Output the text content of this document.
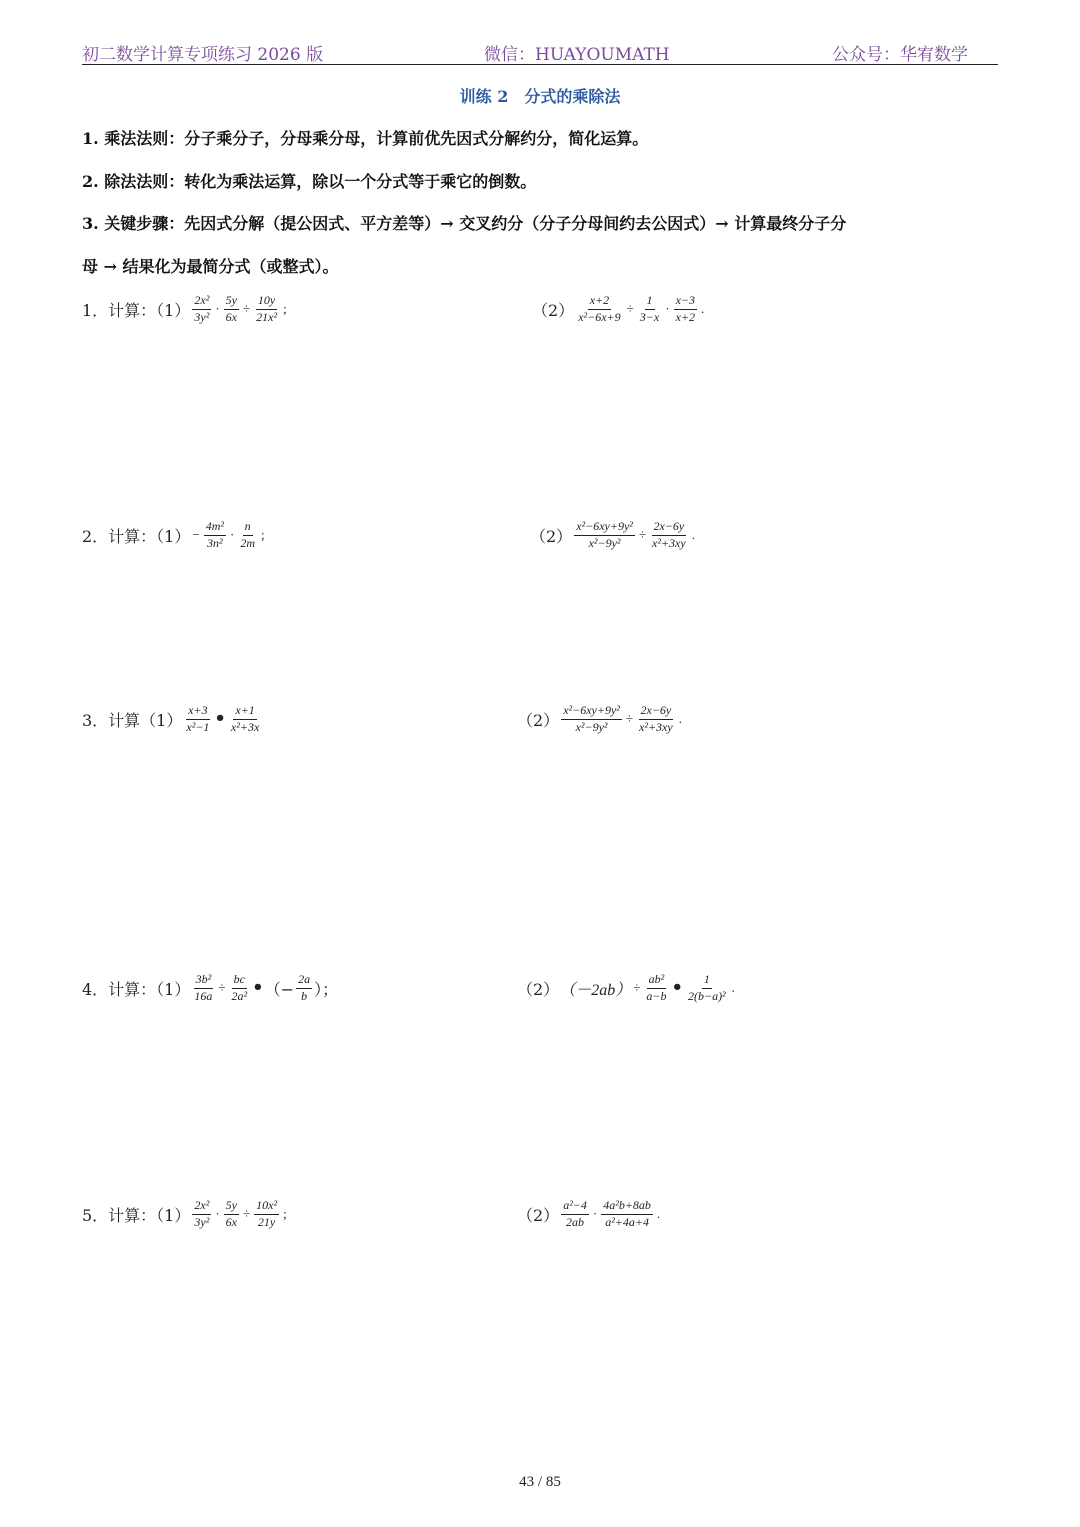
初二数学计算专项练习 2026 版	微信：HUAYOUMATH	公众号：华宥数学
训练 2　分式的乘除法
1. 乘法法则：分子乘分子，分母乘分母，计算前优先因式分解约分，简化运算。
2. 除法法则：转化为乘法运算，除以一个分式等于乘它的倒数。
3. 关键步骤：先因式分解（提公因式、平方差等）→ 交叉约分（分子分母间约去公因式）→ 计算最终分子分
母 → 结果化为最简分式（或整式）。
1．计算：$(1) \frac{\text{2x²}}{\text{3y²}} \cdot \frac{5y}{6x} \div \frac{10y}{\text{21x²}}$ ;	$(2) \frac{x+2}{\text{x²−6x+9}} \div \frac{1}{3-x} \cdot \frac{x-3}{x+2}$ .
2．计算：$(1) - \frac{\text{4m²}}{\text{3n²}} \cdot \frac{n}{2m}$ ;	$(2) \frac{\text{x²−6xy+9y²}}{\text{x²−9y²}} \div \frac{2x-6y}{\text{x²+3xy}}$ .
3．计算$(1) \frac{x+3}{\text{x²−1}}$ • $\frac{x+1}{\text{x²+3x}}$	$(2) \frac{\text{x²−6xy+9y²}}{\text{x²−9y²}} \div \frac{2x-6y}{\text{x²+3xy}}$ .
4．计算：$(1) \frac{\text{3b²}}{16a} \div \frac{bc}{\text{2a²}}$ • （− $\frac{2a}{b}$ ）；	（2） $(-2ab) \div \frac{\text{ab²}}{a-b}$ • $\frac{1}{\text{2(b−a)²}}$ .
5．计算：$(1) \frac{\text{2x²}}{\text{3y²}} \cdot \frac{5y}{6x} \div \frac{\text{10x²}}{21y}$ ;	$(2) \frac{\text{a²−4}}{2ab} \cdot \frac{\text{4a²b+8ab}}{\text{a²+4a+4}}$ .
43 / 85
